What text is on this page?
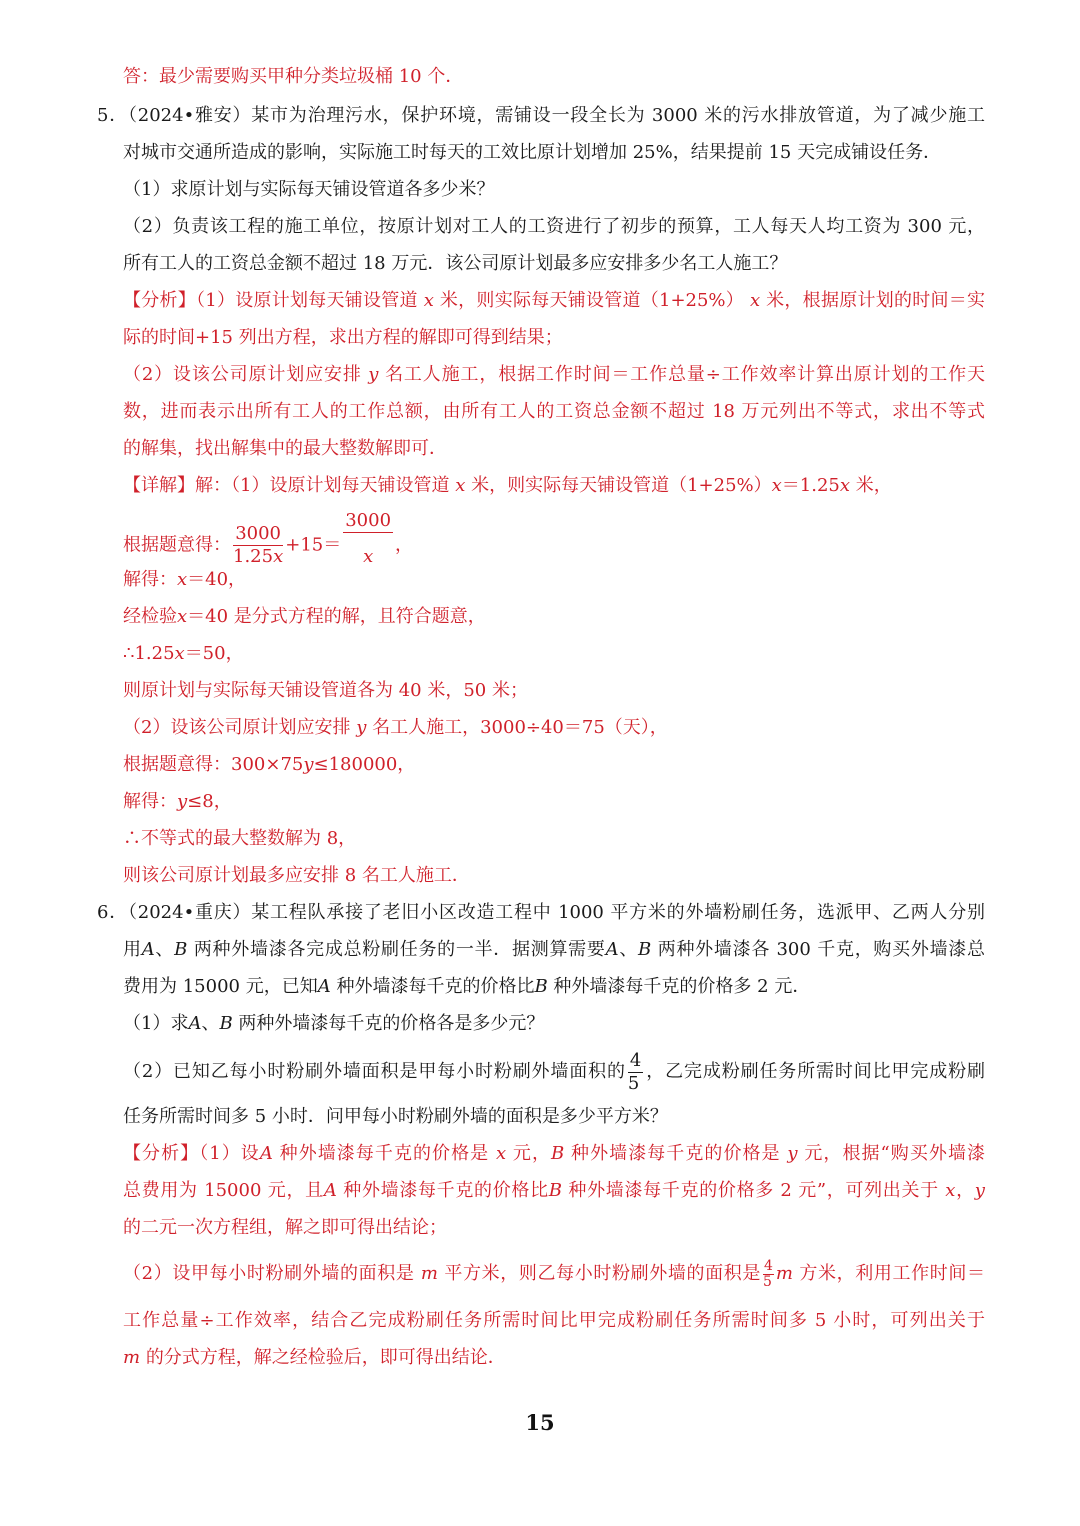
答：最少需要购买甲种分类垃圾桶 10 个．
5．（2024•雅安）某市为治理污水，保护环境，需铺设一段全长为 3000 米的污水排放管道，为了减少施工
对城市交通所造成的影响，实际施工时每天的工效比原计划增加 25%，结果提前 15 天完成铺设任务．
（1）求原计划与实际每天铺设管道各多少米？
（2）负责该工程的施工单位，按原计划对工人的工资进行了初步的预算，工人每天人均工资为 300 元，
所有工人的工资总金额不超过 18 万元．该公司原计划最多应安排多少名工人施工？
【分析】（1）设原计划每天铺设管道 x 米，则实际每天铺设管道（1+25%） x 米，根据原计划的时间＝实
际的时间+15 列出方程，求出方程的解即可得到结果；
（2）设该公司原计划应安排 y 名工人施工，根据工作时间＝工作总量÷工作效率计算出原计划的工作天
数，进而表示出所有工人的工作总额，由所有工人的工资总金额不超过 18 万元列出不等式，求出不等式
的解集，找出解集中的最大整数解即可．
【详解】解：（1）设原计划每天铺设管道 x 米，则实际每天铺设管道（1+25%）x＝1.25x 米，
根据题意得： $\frac{3000}{1.25x} +15= \frac{3000}{x}$ ，
解得：x＝40，
经检验x＝40 是分式方程的解，且符合题意，
∴1.25x＝50，
则原计划与实际每天铺设管道各为 40 米，50 米；
（2）设该公司原计划应安排 y 名工人施工，3000÷40＝75（天），
根据题意得：300×75y≤180000，
解得：y≤8，
∴不等式的最大整数解为 8，
则该公司原计划最多应安排 8 名工人施工．
6．（2024•重庆）某工程队承接了老旧小区改造工程中 1000 平方米的外墙粉刷任务，选派甲、乙两人分别
用A、B 两种外墙漆各完成总粉刷任务的一半．据测算需要A、B 两种外墙漆各 300 千克，购买外墙漆总
费用为 15000 元，已知A 种外墙漆每千克的价格比B 种外墙漆每千克的价格多 2 元．
（1）求A、B 两种外墙漆每千克的价格各是多少元？
（2）已知乙每小时粉刷外墙面积是甲每小时粉刷外墙面积的 $\frac{4}{5}$ ，乙完成粉刷任务所需时间比甲完成粉刷
任务所需时间多 5 小时．问甲每小时粉刷外墙的面积是多少平方米？
【分析】（1）设A 种外墙漆每千克的价格是 x 元，B 种外墙漆每千克的价格是 y 元，根据“购买外墙漆
总费用为 15000 元，且A 种外墙漆每千克的价格比B 种外墙漆每千克的价格多 2 元”，可列出关于 x，y
的二元一次方程组，解之即可得出结论；
（2）设甲每小时粉刷外墙的面积是 m 平方米，则乙每小时粉刷外墙的面积是 $\frac{4}{5}$ m 方米，利用工作时间＝
工作总量÷工作效率，结合乙完成粉刷任务所需时间比甲完成粉刷任务所需时间多 5 小时，可列出关于
m 的分式方程，解之经检验后，即可得出结论．
15
